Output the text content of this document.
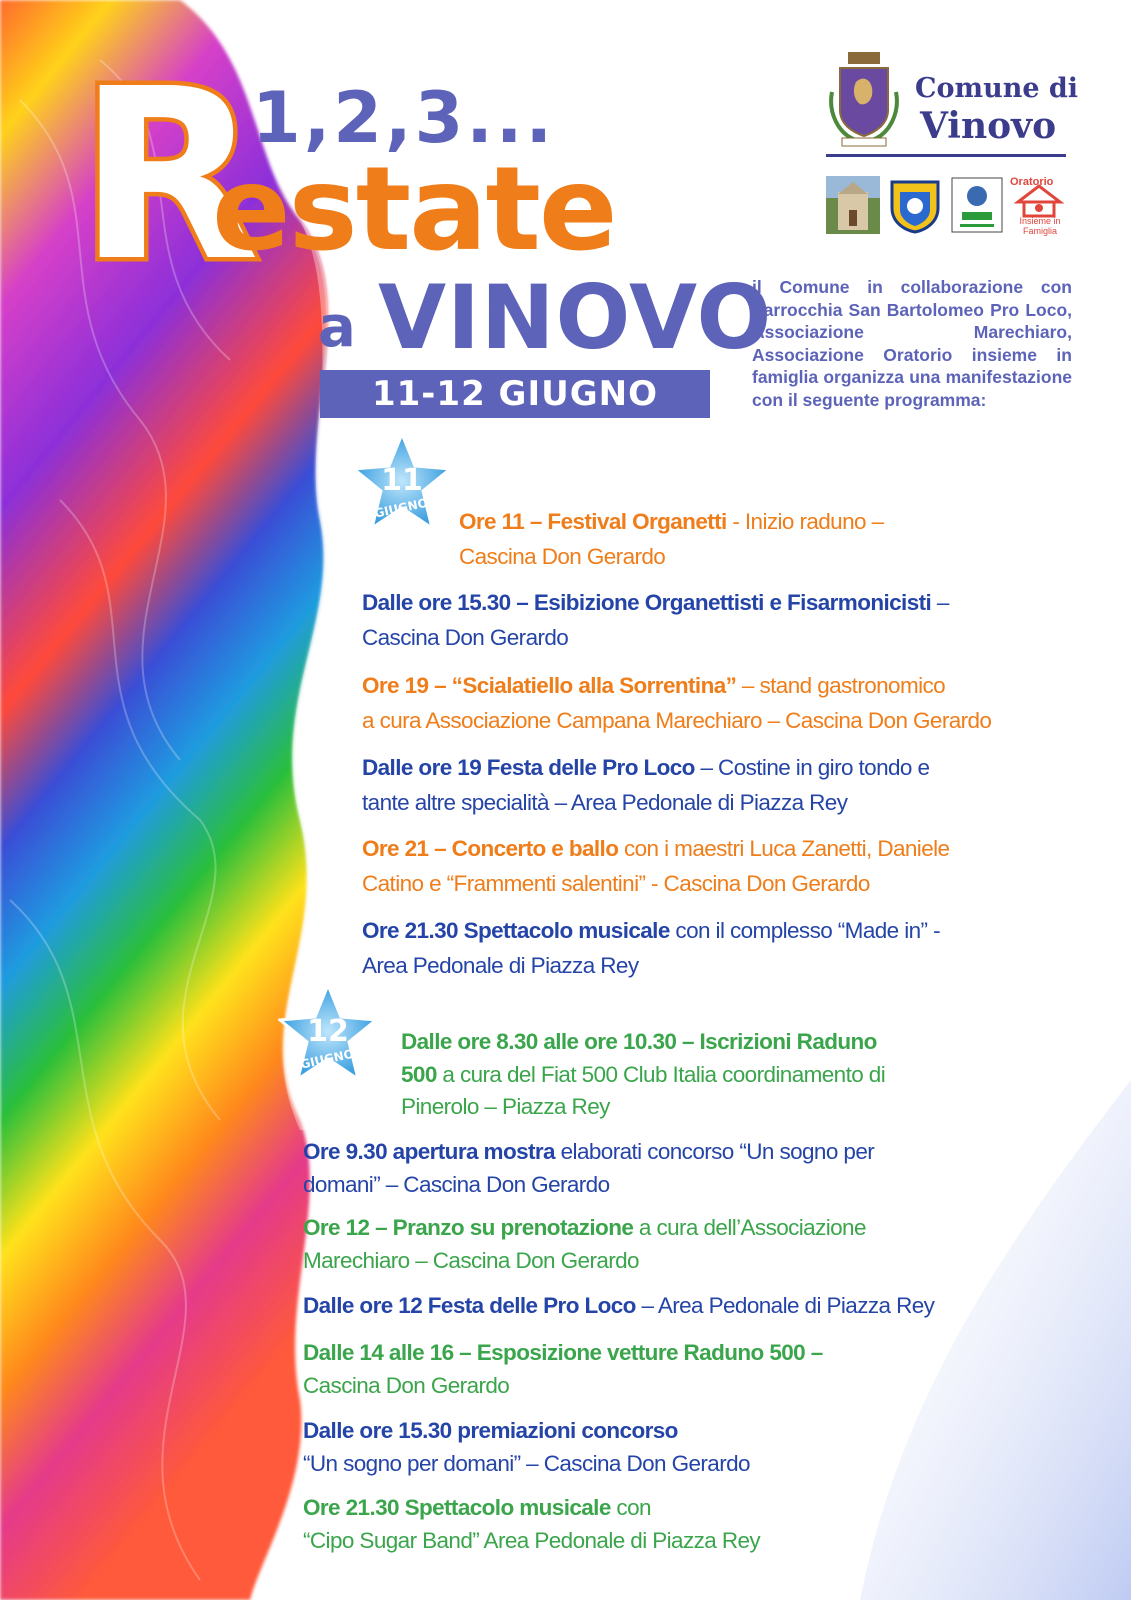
R
1,2,3...
estate
a VINOVO
11-12 GIUGNO 2022
Comune di
Vinovo
Oratorio
Insieme in Famiglia
il Comune in collaborazione con Parrocchia San Bartolomeo Pro Loco, Associazione Marechiaro, Associazione Oratorio insieme in famiglia organizza una manifestazione con il seguente programma:
11
GIUGNO
Ore 11 – Festival Organetti - Inizio raduno –
Cascina Don Gerardo
Dalle ore 15.30 – Esibizione Organettisti e Fisarmonicisti –
Cascina Don Gerardo
Ore 19 – “Scialatiello alla Sorrentina” – stand gastronomico
a cura Associazione Campana Marechiaro – Cascina Don Gerardo
Dalle ore 19 Festa delle Pro Loco – Costine in giro tondo e
tante altre specialità – Area Pedonale di Piazza Rey
Ore 21 – Concerto e ballo con i maestri Luca Zanetti, Daniele
Catino e “Frammenti salentini” - Cascina Don Gerardo
Ore 21.30 Spettacolo musicale con il complesso “Made in” -
Area Pedonale di Piazza Rey
12
GIUGNO
Dalle ore 8.30 alle ore 10.30 – Iscrizioni Raduno
500 a cura del Fiat 500 Club Italia coordinamento di
Pinerolo – Piazza Rey
Ore 9.30 apertura mostra elaborati concorso “Un sogno per
domani” – Cascina Don Gerardo
Ore 12 – Pranzo su prenotazione a cura dell’Associazione
Marechiaro – Cascina Don Gerardo
Dalle ore 12 Festa delle Pro Loco – Area Pedonale di Piazza Rey
Dalle 14 alle 16 – Esposizione vetture Raduno 500 –
Cascina Don Gerardo
Dalle ore 15.30 premiazioni concorso
“Un sogno per domani” – Cascina Don Gerardo
Ore 21.30 Spettacolo musicale con
“Cipo Sugar Band” Area Pedonale di Piazza Rey
